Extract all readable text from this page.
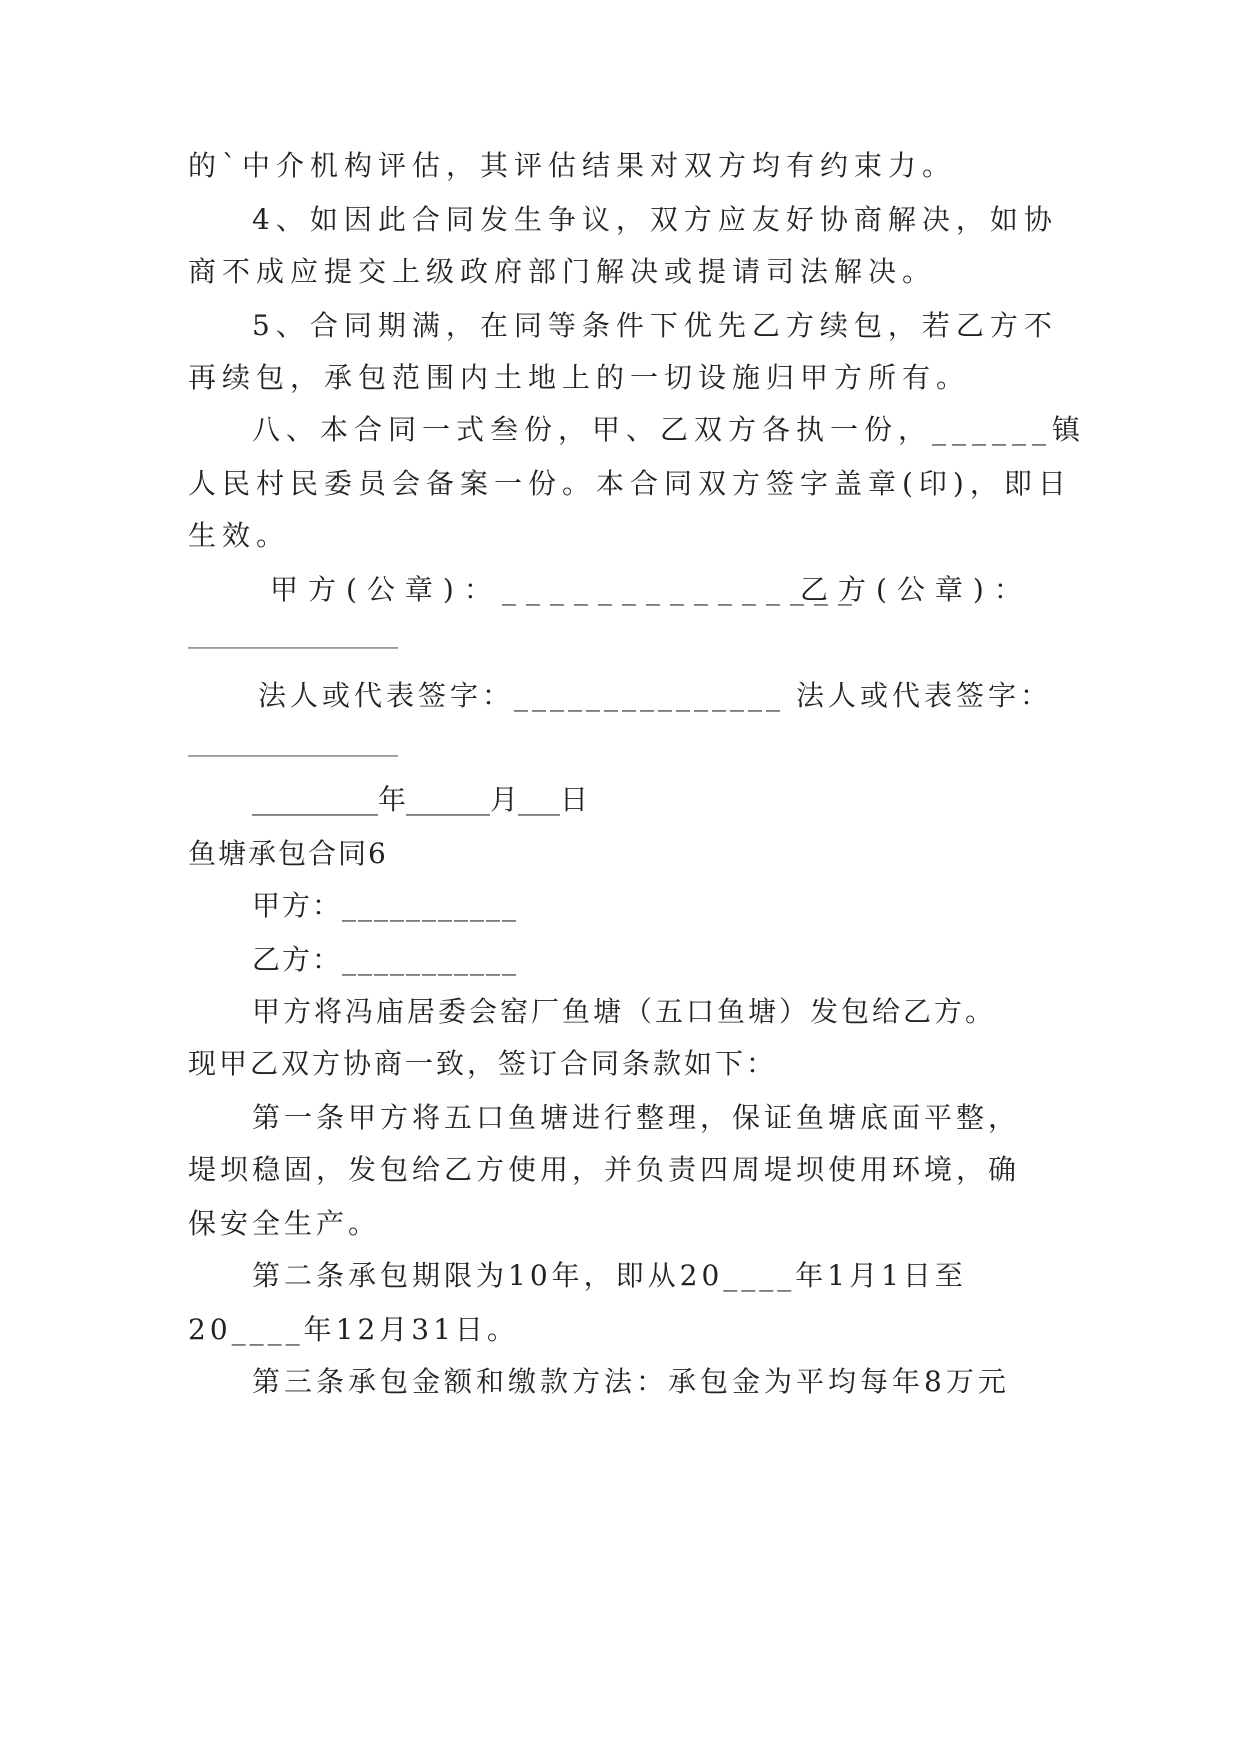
的`中介机构评估，其评估结果对双方均有约束力。
4、如因此合同发生争议，双方应友好协商解决，如协
商不成应提交上级政府部门解决或提请司法解决。
5、合同期满，在同等条件下优先乙方续包，若乙方不
再续包，承包范围内土地上的一切设施归甲方所有。
八、本合同一式叁份，甲、乙双方各执一份，______镇
人民村民委员会备案一份。本合同双方签字盖章(印)，即日
生效。
甲方(公章)：_______________
乙方(公章)：
_______________
法人或代表签字：_______________ 法人或代表签字：
_______________
_________年______月___日
鱼塘承包合同6
甲方：___________
乙方：___________
甲方将冯庙居委会窑厂鱼塘（五口鱼塘）发包给乙方。
现甲乙双方协商一致，签订合同条款如下：
第一条甲方将五口鱼塘进行整理，保证鱼塘底面平整，
堤坝稳固，发包给乙方使用，并负责四周堤坝使用环境，确
保安全生产。
第二条承包期限为10年，即从20____年1月1日至
20____年12月31日。
第三条承包金额和缴款方法：承包金为平均每年8万元
